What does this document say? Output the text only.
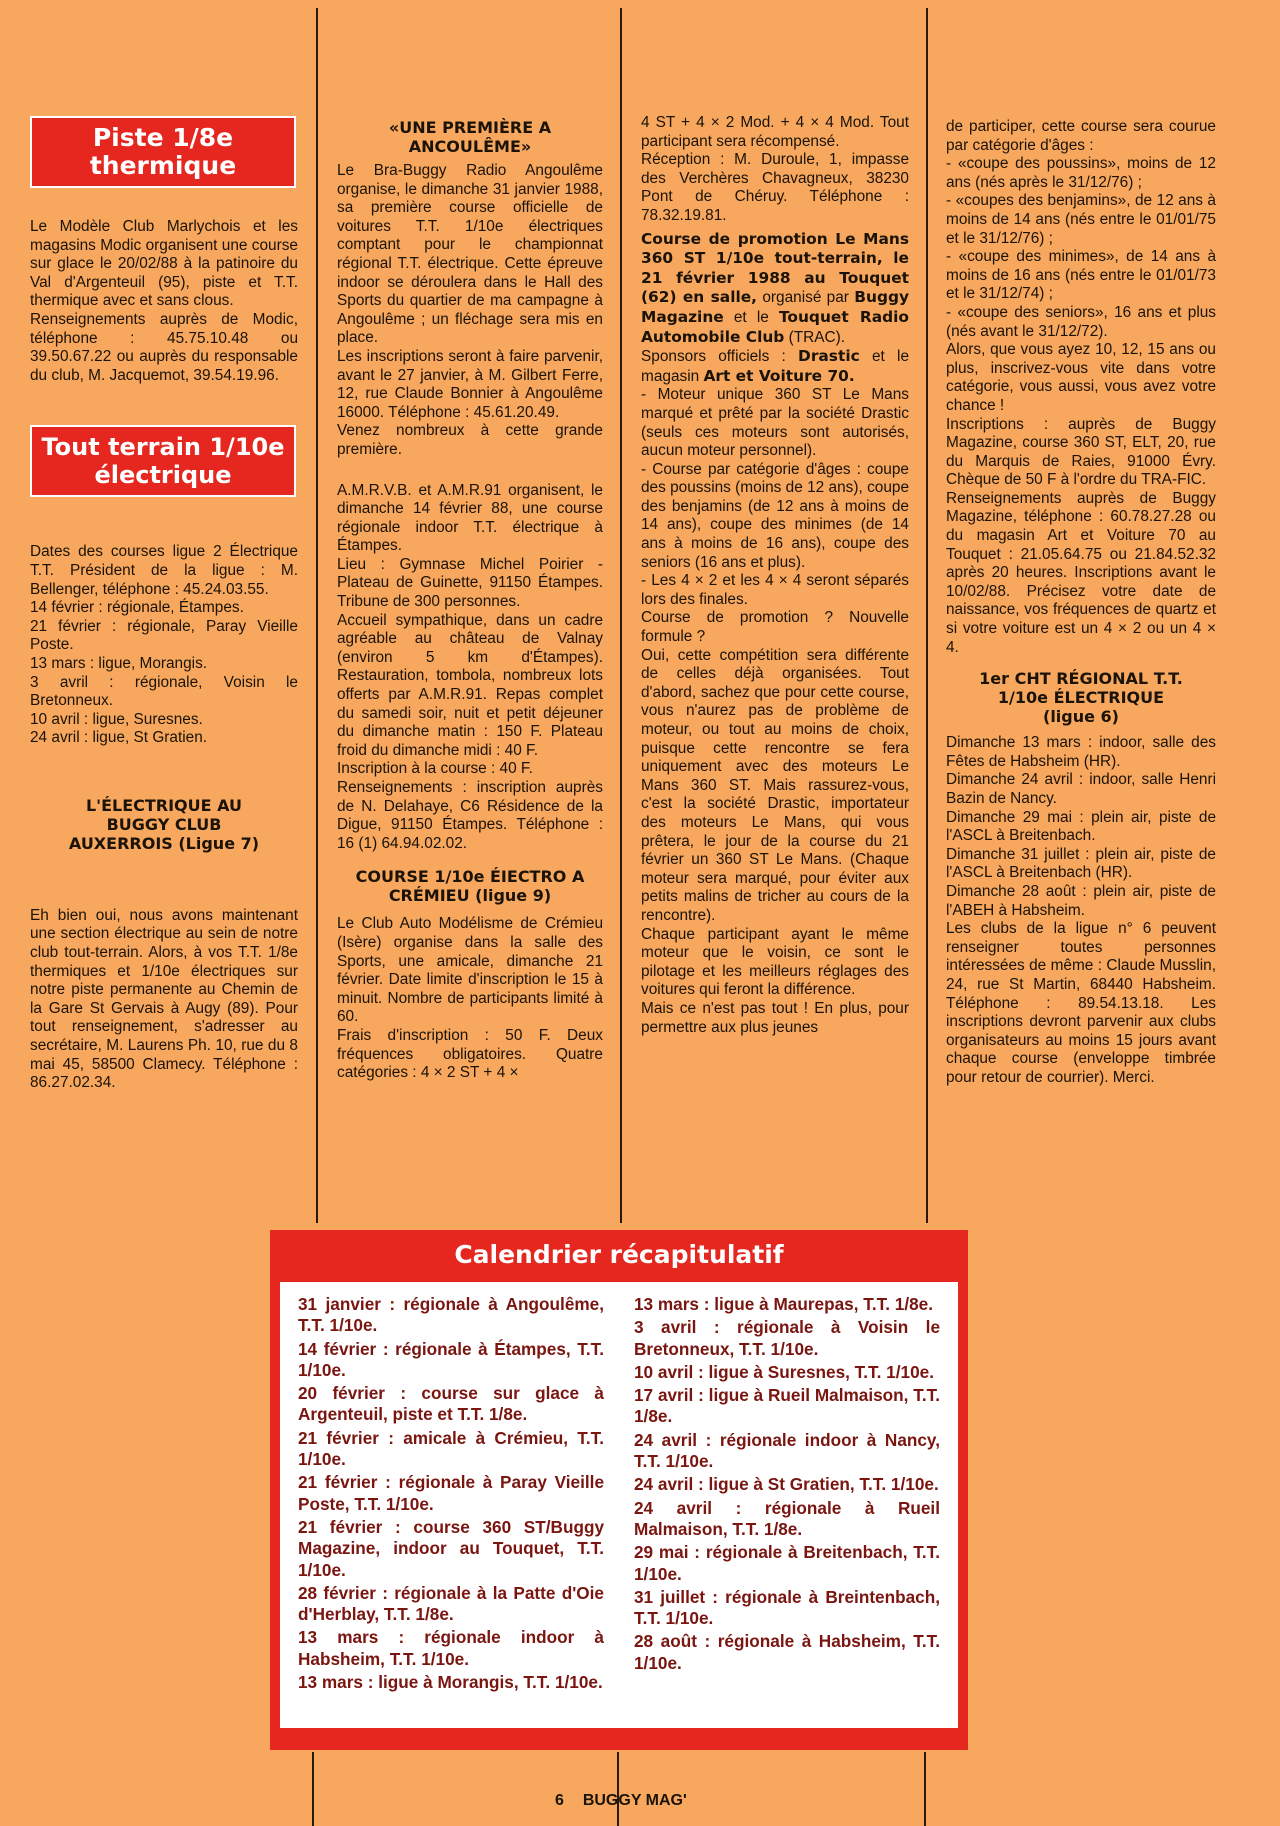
Piste 1/8e thermique

Le Modèle Club Marlychois et les magasins Modic organisent une course sur glace le 20/02/88 à la patinoire du Val d'Argenteuil (95), piste et T.T. thermique avec et sans clous.

Renseignements auprès de Modic, téléphone : 45.75.10.48 ou 39.50.67.22 ou auprès du responsable du club, M. Jacquemot, 39.54.19.96.

Tout terrain 1/10e électrique

Dates des courses ligue 2 Électrique T.T. Président de la ligue : M. Bellenger, téléphone : 45.24.03.55.

14 février : régionale, Étampes.

21 février : régionale, Paray Vieille Poste.

13 mars : ligue, Morangis.

3 avril : régionale, Voisin le Bretonneux.

10 avril : ligue, Suresnes.

24 avril : ligue, St Gratien.

L'ÉLECTRIQUE AU BUGGY CLUB AUXERROIS (Ligue 7)

Eh bien oui, nous avons maintenant une section électrique au sein de notre club tout-terrain. Alors, à vos T.T. 1/8e thermiques et 1/10e électriques sur notre piste permanente au Chemin de la Gare St Gervais à Augy (89). Pour tout renseignement, s'adresser au secrétaire, M. Laurens Ph. 10, rue du 8 mai 45, 58500 Clamecy. Téléphone : 86.27.02.34.

«UNE PREMIÈRE A ANCOULÊME»

Le Bra-Buggy Radio Angoulême organise, le dimanche 31 janvier 1988, sa première course officielle de voitures T.T. 1/10e électriques comptant pour le championnat régional T.T. électrique. Cette épreuve indoor se déroulera dans le Hall des Sports du quartier de ma campagne à Angoulême ; un fléchage sera mis en place.

Les inscriptions seront à faire parvenir, avant le 27 janvier, à M. Gilbert Ferre, 12, rue Claude Bonnier à Angoulême 16000. Téléphone : 45.61.20.49.

Venez nombreux à cette grande première.

A.M.R.V.B. et A.M.R.91 organisent, le dimanche 14 février 88, une course régionale indoor T.T. électrique à Étampes.

Lieu : Gymnase Michel Poirier - Plateau de Guinette, 91150 Étampes. Tribune de 300 personnes.

Accueil sympathique, dans un cadre agréable au château de Valnay (environ 5 km d'Étampes). Restauration, tombola, nombreux lots offerts par A.M.R.91. Repas complet du samedi soir, nuit et petit déjeuner du dimanche matin : 150 F. Plateau froid du dimanche midi : 40 F.

Inscription à la course : 40 F.

Renseignements : inscription auprès de N. Delahaye, C6 Résidence de la Digue, 91150 Étampes. Téléphone : 16 (1) 64.94.02.02.

COURSE 1/10e ÉIECTRO A CRÉMIEU (ligue 9)

Le Club Auto Modélisme de Crémieu (Isère) organise dans la salle des Sports, une amicale, dimanche 21 février. Date limite d'inscription le 15 à minuit. Nombre de participants limité à 60.

Frais d'inscription : 50 F. Deux fréquences obligatoires. Quatre catégories : 4 × 2 ST + 4 ×

4 ST + 4 × 2 Mod. + 4 × 4 Mod. Tout participant sera récompensé.

Réception : M. Duroule, 1, impasse des Verchères Chavagneux, 38230 Pont de Chéruy. Téléphone : 78.32.19.81.

Course de promotion Le Mans 360 ST 1/10e tout-terrain, le 21 février 1988 au Touquet (62) en salle, organisé par Buggy Magazine et le Touquet Radio Automobile Club (TRAC).

Sponsors officiels : Drastic et le magasin Art et Voiture 70.

- Moteur unique 360 ST Le Mans marqué et prêté par la société Drastic (seuls ces moteurs sont autorisés, aucun moteur personnel).

- Course par catégorie d'âges : coupe des poussins (moins de 12 ans), coupe des benjamins (de 12 ans à moins de 14 ans), coupe des minimes (de 14 ans à moins de 16 ans), coupe des seniors (16 ans et plus).

- Les 4 × 2 et les 4 × 4 seront séparés lors des finales.

Course de promotion ? Nouvelle formule ?

Oui, cette compétition sera différente de celles déjà organisées. Tout d'abord, sachez que pour cette course, vous n'aurez pas de problème de moteur, ou tout au moins de choix, puisque cette rencontre se fera uniquement avec des moteurs Le Mans 360 ST. Mais rassurez-vous, c'est la société Drastic, importateur des moteurs Le Mans, qui vous prêtera, le jour de la course du 21 février un 360 ST Le Mans. (Chaque moteur sera marqué, pour éviter aux petits malins de tricher au cours de la rencontre).

Chaque participant ayant le même moteur que le voisin, ce sont le pilotage et les meilleurs réglages des voitures qui feront la différence.

Mais ce n'est pas tout ! En plus, pour permettre aux plus jeunes

de participer, cette course sera courue par catégorie d'âges :

- «coupe des poussins», moins de 12 ans (nés après le 31/12/76) ;

- «coupes des benjamins», de 12 ans à moins de 14 ans (nés entre le 01/01/75 et le 31/12/76) ;

- «coupe des minimes», de 14 ans à moins de 16 ans (nés entre le 01/01/73 et le 31/12/74) ;

- «coupe des seniors», 16 ans et plus (nés avant le 31/12/72).

Alors, que vous ayez 10, 12, 15 ans ou plus, inscrivez-vous vite dans votre catégorie, vous aussi, vous avez votre chance !

Inscriptions : auprès de Buggy Magazine, course 360 ST, ELT, 20, rue du Marquis de Raies, 91000 Évry. Chèque de 50 F à l'ordre du TRA-FIC.

Renseignements auprès de Buggy Magazine, téléphone : 60.78.27.28 ou du magasin Art et Voiture 70 au Touquet : 21.05.64.75 ou 21.84.52.32 après 20 heures. Inscriptions avant le 10/02/88. Précisez votre date de naissance, vos fréquences de quartz et si votre voiture est un 4 × 2 ou un 4 × 4.

1er CHT RÉGIONAL T.T. 1/10e ÉLECTRIQUE (ligue 6)

Dimanche 13 mars : indoor, salle des Fêtes de Habsheim (HR).

Dimanche 24 avril : indoor, salle Henri Bazin de Nancy.

Dimanche 29 mai : plein air, piste de l'ASCL à Breitenbach.

Dimanche 31 juillet : plein air, piste de l'ASCL à Breitenbach (HR).

Dimanche 28 août : plein air, piste de l'ABEH à Habsheim.

Les clubs de la ligue n° 6 peuvent renseigner toutes personnes intéressées de même : Claude Musslin, 24, rue St Martin, 68440 Habsheim. Téléphone : 89.54.13.18. Les inscriptions devront parvenir aux clubs organisateurs au moins 15 jours avant chaque course (enveloppe timbrée pour retour de courrier). Merci.

Calendrier récapitulatif

31 janvier : régionale à Angoulême, T.T. 1/10e.

14 février : régionale à Étampes, T.T. 1/10e.

20 février : course sur glace à Argenteuil, piste et T.T. 1/8e.

21 février : amicale à Crémieu, T.T. 1/10e.

21 février : régionale à Paray Vieille Poste, T.T. 1/10e.

21 février : course 360 ST/Buggy Magazine, indoor au Touquet, T.T. 1/10e.

28 février : régionale à la Patte d'Oie d'Herblay, T.T. 1/8e.

13 mars : régionale indoor à Habsheim, T.T. 1/10e.

13 mars : ligue à Morangis, T.T. 1/10e.

13 mars : ligue à Maurepas, T.T. 1/8e.

3 avril : régionale à Voisin le Bretonneux, T.T. 1/10e.

10 avril : ligue à Suresnes, T.T. 1/10e.

17 avril : ligue à Rueil Malmaison, T.T. 1/8e.

24 avril : régionale indoor à Nancy, T.T. 1/10e.

24 avril : ligue à St Gratien, T.T. 1/10e.

24 avril : régionale à Rueil Malmaison, T.T. 1/8e.

29 mai : régionale à Breitenbach, T.T. 1/10e.

31 juillet : régionale à Breintenbach, T.T. 1/10e.

28 août : régionale à Habsheim, T.T. 1/10e.

6 BUGGY MAG'
